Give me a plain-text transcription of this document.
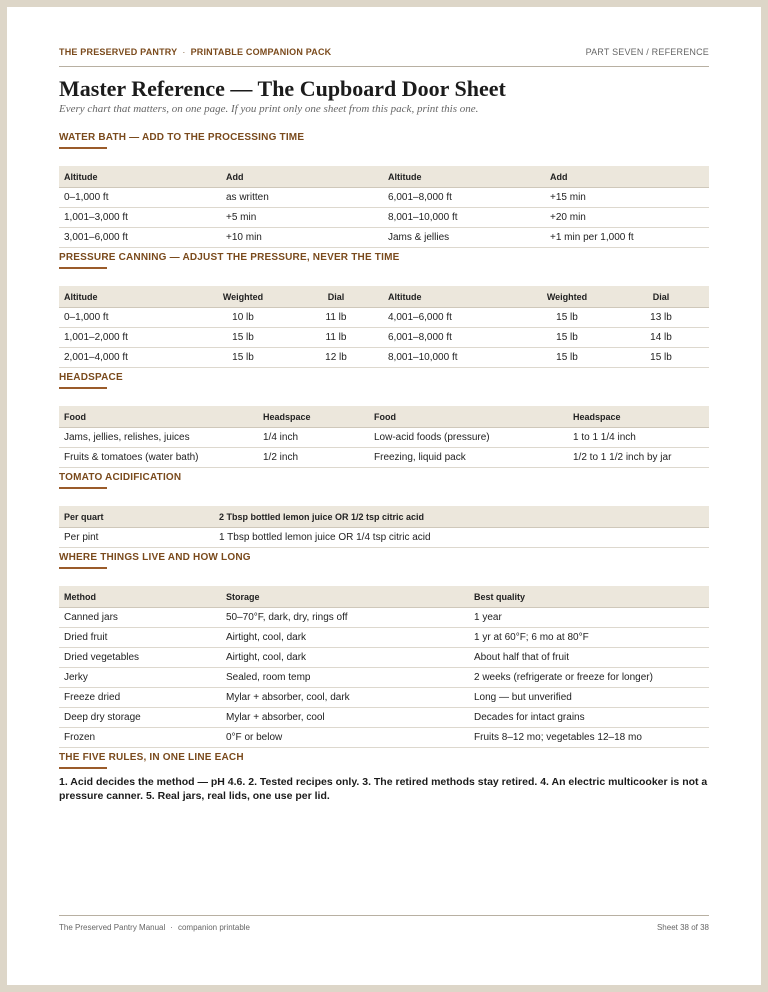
THE PRESERVED PANTRY · PRINTABLE COMPANION PACK	PART SEVEN / REFERENCE
Master Reference — The Cupboard Door Sheet
Every chart that matters, on one page. If you print only one sheet from this pack, print this one.
WATER BATH — ADD TO THE PROCESSING TIME
Altitude	Add	Altitude	Add
0–1,000 ft	as written	6,001–8,000 ft	+15 min
1,001–3,000 ft	+5 min	8,001–10,000 ft	+20 min
3,001–6,000 ft	+10 min	Jams & jellies	+1 min per 1,000 ft
PRESSURE CANNING — ADJUST THE PRESSURE, NEVER THE TIME
Altitude	Weighted	Dial	Altitude	Weighted	Dial
0–1,000 ft	10 lb	11 lb	4,001–6,000 ft	15 lb	13 lb
1,001–2,000 ft	15 lb	11 lb	6,001–8,000 ft	15 lb	14 lb
2,001–4,000 ft	15 lb	12 lb	8,001–10,000 ft	15 lb	15 lb
HEADSPACE
Food	Headspace	Food	Headspace
Jams, jellies, relishes, juices	1/4 inch	Low-acid foods (pressure)	1 to 1 1/4 inch
Fruits & tomatoes (water bath)	1/2 inch	Freezing, liquid pack	1/2 to 1 1/2 inch by jar
TOMATO ACIDIFICATION
Per quart	2 Tbsp bottled lemon juice OR 1/2 tsp citric acid
Per pint	1 Tbsp bottled lemon juice OR 1/4 tsp citric acid
WHERE THINGS LIVE AND HOW LONG
Method	Storage	Best quality
Canned jars	50–70°F, dark, dry, rings off	1 year
Dried fruit	Airtight, cool, dark	1 yr at 60°F; 6 mo at 80°F
Dried vegetables	Airtight, cool, dark	About half that of fruit
Jerky	Sealed, room temp	2 weeks (refrigerate or freeze for longer)
Freeze dried	Mylar + absorber, cool, dark	Long — but unverified
Deep dry storage	Mylar + absorber, cool	Decades for intact grains
Frozen	0°F or below	Fruits 8–12 mo; vegetables 12–18 mo
THE FIVE RULES, IN ONE LINE EACH
1. Acid decides the method — pH 4.6. 2. Tested recipes only. 3. The retired methods stay retired. 4. An electric multicooker is not a pressure canner. 5. Real jars, real lids, one use per lid.
The Preserved Pantry Manual · companion printable	Sheet 38 of 38
